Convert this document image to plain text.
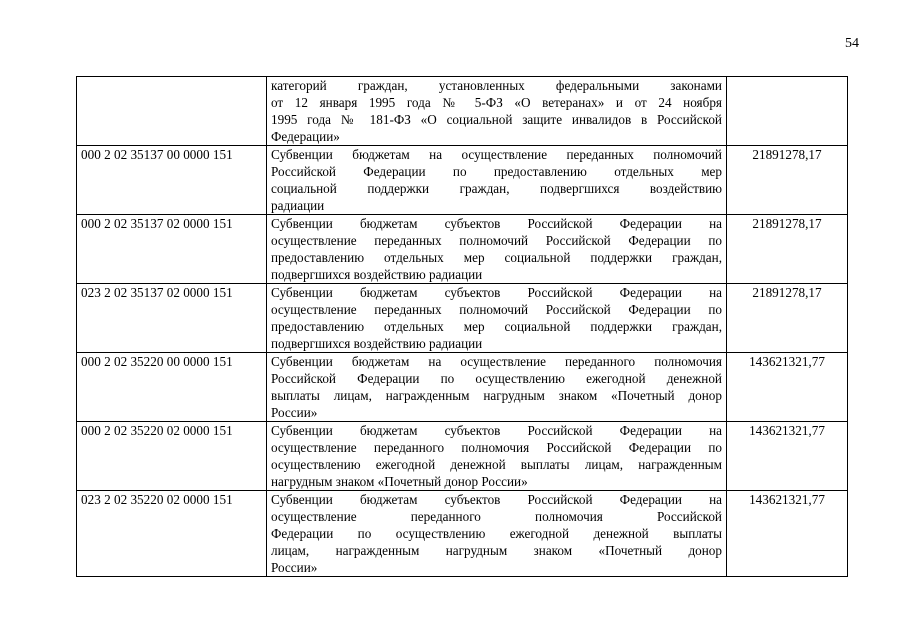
54

	категорий граждан, установленных федеральными законами
от 12 января 1995 года № 5-ФЗ «О ветеранах» и от 24 ноября
1995 года № 181-ФЗ «О социальной защите инвалидов в Российской
Федерации»	

000 2 02 35137 00 0000 151	Субвенции бюджетам на осуществление переданных полномочий
Российской Федерации по предоставлению отдельных мер
социальной поддержки граждан, подвергшихся воздействию
радиации	21891278,17
000 2 02 35137 02 0000 151	Субвенции бюджетам субъектов Российской Федерации на
осуществление переданных полномочий Российской Федерации по
предоставлению отдельных мер социальной поддержки граждан,
подвергшихся воздействию радиации	21891278,17
023 2 02 35137 02 0000 151	Субвенции бюджетам субъектов Российской Федерации на
осуществление переданных полномочий Российской Федерации по
предоставлению отдельных мер социальной поддержки граждан,
подвергшихся воздействию радиации	21891278,17
000 2 02 35220 00 0000 151	Субвенции бюджетам на осуществление переданного полномочия
Российской Федерации по осуществлению ежегодной денежной
выплаты лицам, награжденным нагрудным знаком «Почетный донор
России»	143621321,77
000 2 02 35220 02 0000 151	Субвенции бюджетам субъектов Российской Федерации на
осуществление переданного полномочия Российской Федерации по
осуществлению ежегодной денежной выплаты лицам, награжденным
нагрудным знаком «Почетный донор России»	143621321,77
023 2 02 35220 02 0000 151	Субвенции бюджетам субъектов Российской Федерации на
осуществление переданного полномочия Российской
Федерации по осуществлению ежегодной денежной выплаты
лицам, награжденным нагрудным знаком «Почетный донор
России»	143621321,77
